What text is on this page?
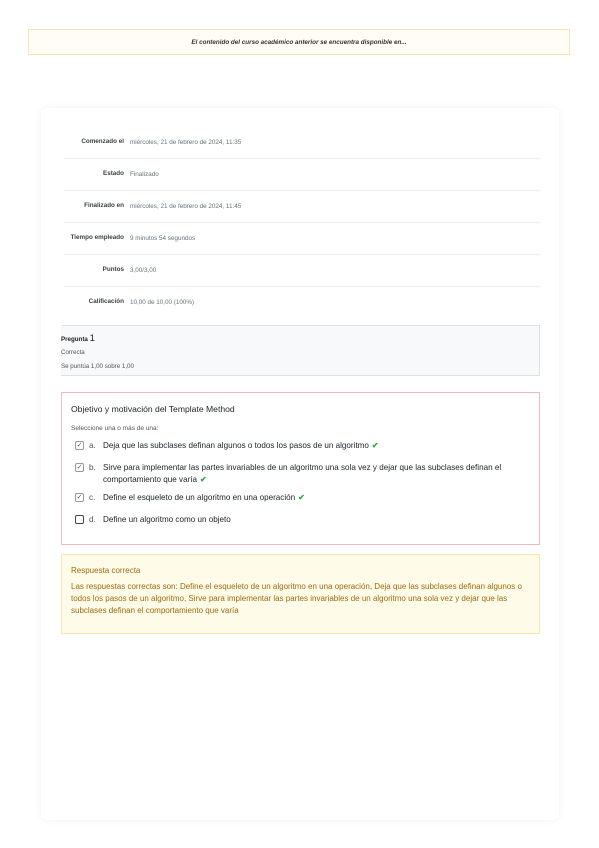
El contenido del curso académico anterior se encuentra disponible en...
Comenzado el	miércoles, 21 de febrero de 2024, 11:35
Estado	Finalizado
Finalizado en	miércoles, 21 de febrero de 2024, 11:45
Tiempo empleado	9 minutos 54 segundos
Puntos	3,00/3,00
Calificación	10,00 de 10,00 (100%)
Pregunta 1
Correcta
Se puntúa 1,00 sobre 1,00
Objetivo y motivación del Template Method
Seleccione una o más de una:
✓ a. Deja que las subclases definan algunos o todos los pasos de un algoritmo ✔
✓ b. Sirve para implementar las partes invariables de un algoritmo una sola vez y dejar que las subclases definan el comportamiento que varía ✔
✓ c. Define el esqueleto de un algoritmo en una operación ✔
d. Define un algoritmo como un objeto
Respuesta correcta
Las respuestas correctas son: Define el esqueleto de un algoritmo en una operación, Deja que las subclases definan algunos o todos los pasos de un algoritmo, Sirve para implementar las partes invariables de un algoritmo una sola vez y dejar que las subclases definan el comportamiento que varía
